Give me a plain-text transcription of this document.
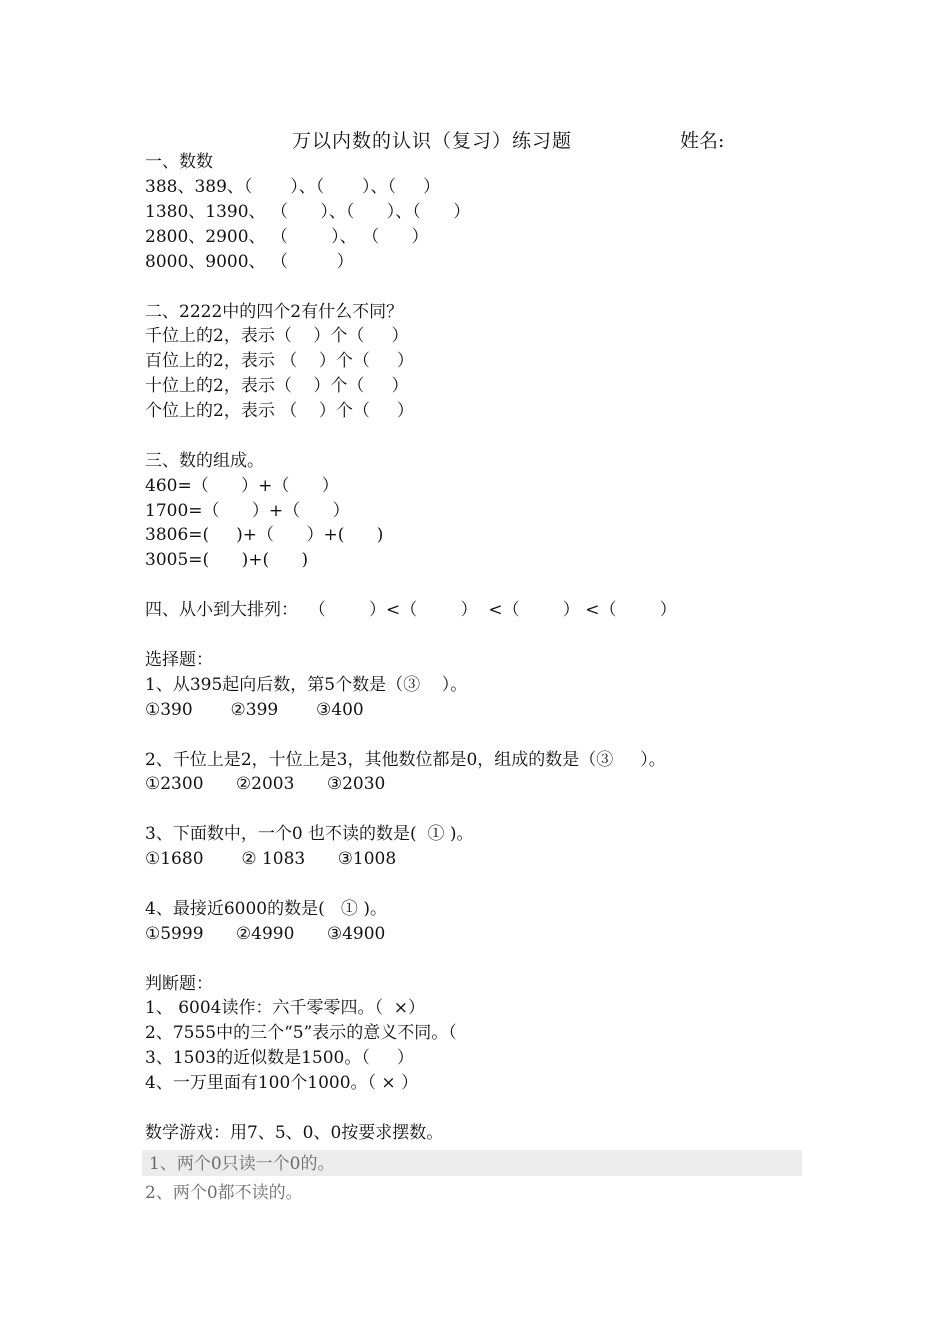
万以内数的认识（复习）练习题	姓名:
一、数数
388、389、（       ）、（       ）、（     ）
1380、1390、 （      ）、（      ）、（      ）
2800、2900、 （        ）、 （      ）
8000、9000、 （         ）
二、2222中的四个2有什么不同？
千位上的2，表示（    ）个（     ）
百位上的2，表示 （    ）个（     ）
十位上的2，表示（    ）个（     ）
个位上的2，表示 （    ）个（     ）
三、数的组成。
460=（      ）+（      ）
1700=（      ）+（      ）
3806=(     )+（      ）+(      )
3005=(      )+(      )
四、从小到大排列：  （        ）<（        ）  <（        ） <（        ）
选择题：
1、从395起向后数，第5个数是（③    ）。
①390       ②399       ③400
2、千位上是2，十位上是3，其他数位都是0，组成的数是（③     ）。
①2300      ②2003      ③2030
3、下面数中，一个0 也不读的数是(  ① )。
①1680       ② 1083      ③1008
4、最接近6000的数是(   ① )。
①5999      ②4990      ③4900
判断题：
1、 6004读作：六千零零四。（  ×）
2、7555中的三个“5”表示的意义不同。（
3、1503的近似数是1500。（     ）
4、一万里面有100个1000。（ × ）
数学游戏：用7、5、0、0按要求摆数。
1、两个0只读一个0的。
2、两个0都不读的。
